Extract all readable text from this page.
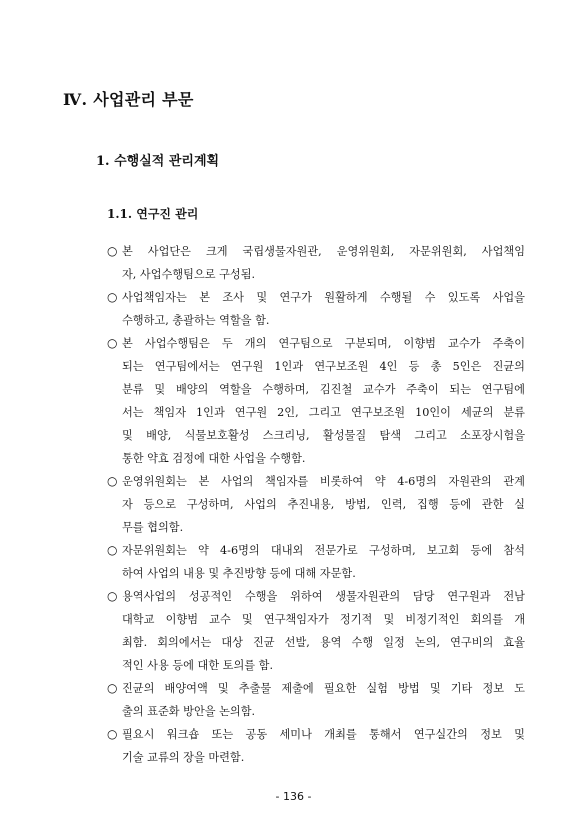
Ⅳ. 사업관리 부문
1. 수행실적 관리계획
1.1. 연구진 관리
○ 본 사업단은 크게 국립생물자원관, 운영위원회, 자문위원회, 사업책임
자, 사업수행팀으로 구성됨.
○ 사업책임자는 본 조사 및 연구가 원활하게 수행될 수 있도록 사업을
수행하고, 총괄하는 역할을 함.
○ 본 사업수행팀은 두 개의 연구팀으로 구분되며, 이향범 교수가 주축이
되는 연구팀에서는 연구원 1인과 연구보조원 4인 등 총 5인은 진균의
분류 및 배양의 역할을 수행하며, 김진철 교수가 주축이 되는 연구팀에
서는 책임자 1인과 연구원 2인, 그리고 연구보조원 10인이 세균의 분류
및 배양, 식물보호활성 스크리닝, 활성물질 탐색 그리고 소포장시험을
통한 약효 검정에 대한 사업을 수행함.
○ 운영위원회는 본 사업의 책임자를 비롯하여 약 4-6명의 자원관의 관계
자 등으로 구성하며, 사업의 추진내용, 방법, 인력, 집행 등에 관한 실
무를 협의함.
○ 자문위원회는 약 4-6명의 대내외 전문가로 구성하며, 보고회 등에 참석
하여 사업의 내용 및 추진방향 등에 대해 자문함.
○ 용역사업의 성공적인 수행을 위하여 생물자원관의 담당 연구원과 전남
대학교 이향범 교수 및 연구책임자가 정기적 및 비정기적인 회의를 개
최함. 회의에서는 대상 진균 선발, 용역 수행 일정 논의, 연구비의 효율
적인 사용 등에 대한 토의를 함.
○ 진균의 배양여액 및 추출물 제출에 필요한 실험 방법 및 기타 정보 도
출의 표준화 방안을 논의함.
○ 필요시 워크숍 또는 공동 세미나 개최를 통해서 연구실간의 정보 및
기술 교류의 장을 마련함.
- 136 -
